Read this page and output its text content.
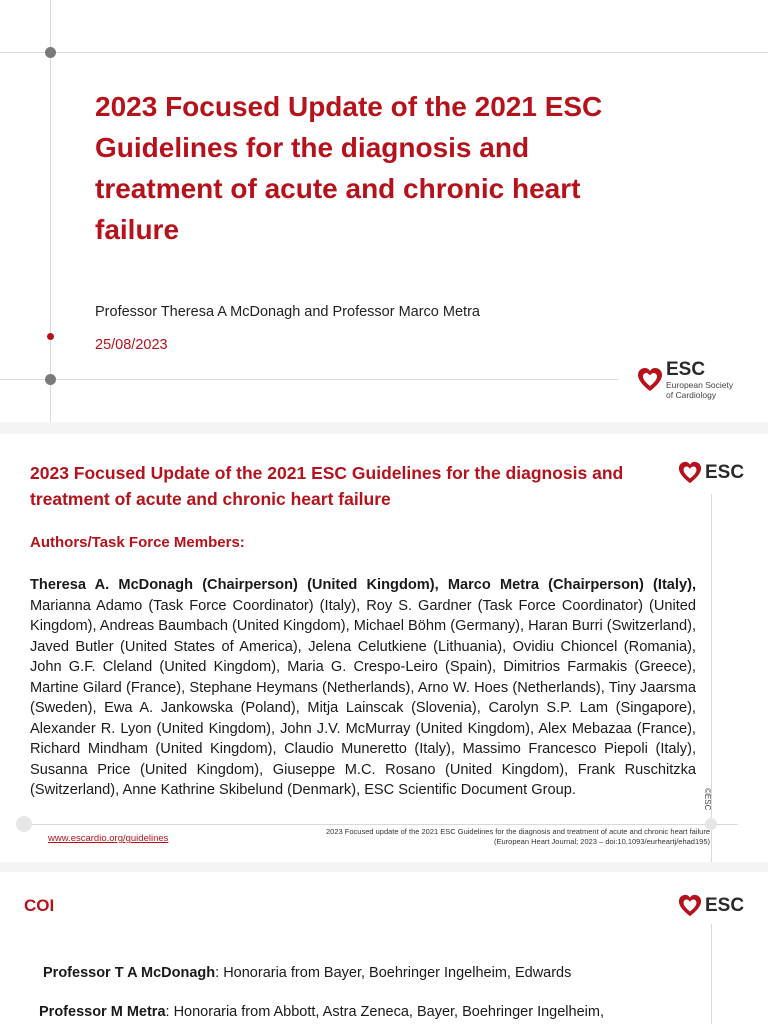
2023 Focused Update of the 2021 ESC Guidelines for the diagnosis and treatment of acute and chronic heart failure
Professor Theresa A McDonagh and Professor Marco Metra
25/08/2023
ESC
European Society
of Cardiology
2023 Focused Update of the 2021 ESC Guidelines for the diagnosis and treatment of acute and chronic heart failure
ESC
Authors/Task Force Members:
Theresa A. McDonagh (Chairperson) (United Kingdom), Marco Metra (Chairperson) (Italy), Marianna Adamo (Task Force Coordinator) (Italy), Roy S. Gardner (Task Force Coordinator) (United Kingdom), Andreas Baumbach (United Kingdom), Michael Böhm (Germany), Haran Burri (Switzerland), Javed Butler (United States of America), Jelena Celutkiene (Lithuania), Ovidiu Chioncel (Romania), John G.F. Cleland (United Kingdom), Maria G. Crespo-Leiro (Spain), Dimitrios Farmakis (Greece), Martine Gilard (France), Stephane Heymans (Netherlands), Arno W. Hoes (Netherlands), Tiny Jaarsma (Sweden), Ewa A. Jankowska (Poland), Mitja Lainscak (Slovenia), Carolyn S.P. Lam (Singapore), Alexander R. Lyon (United Kingdom), John J.V. McMurray (United Kingdom), Alex Mebazaa (France), Richard Mindham (United Kingdom), Claudio Muneretto (Italy), Massimo Francesco Piepoli (Italy), Susanna Price (United Kingdom), Giuseppe M.C. Rosano (United Kingdom), Frank Ruschitzka (Switzerland), Anne Kathrine Skibelund (Denmark), ESC Scientific Document Group.	©ESC
www.escardio.org/guidelines
2023 Focused update of the 2021 ESC Guidelines for the diagnosis and treatment of acute and chronic heart failure
(European Heart Journal; 2023 – doi:10.1093/eurheartj/ehad195)
COI	ESC
Professor T A McDonagh: Honoraria from Bayer, Boehringer Ingelheim, Edwards
Professor M Metra: Honoraria from Abbott, Astra Zeneca, Bayer, Boehringer Ingelheim,
